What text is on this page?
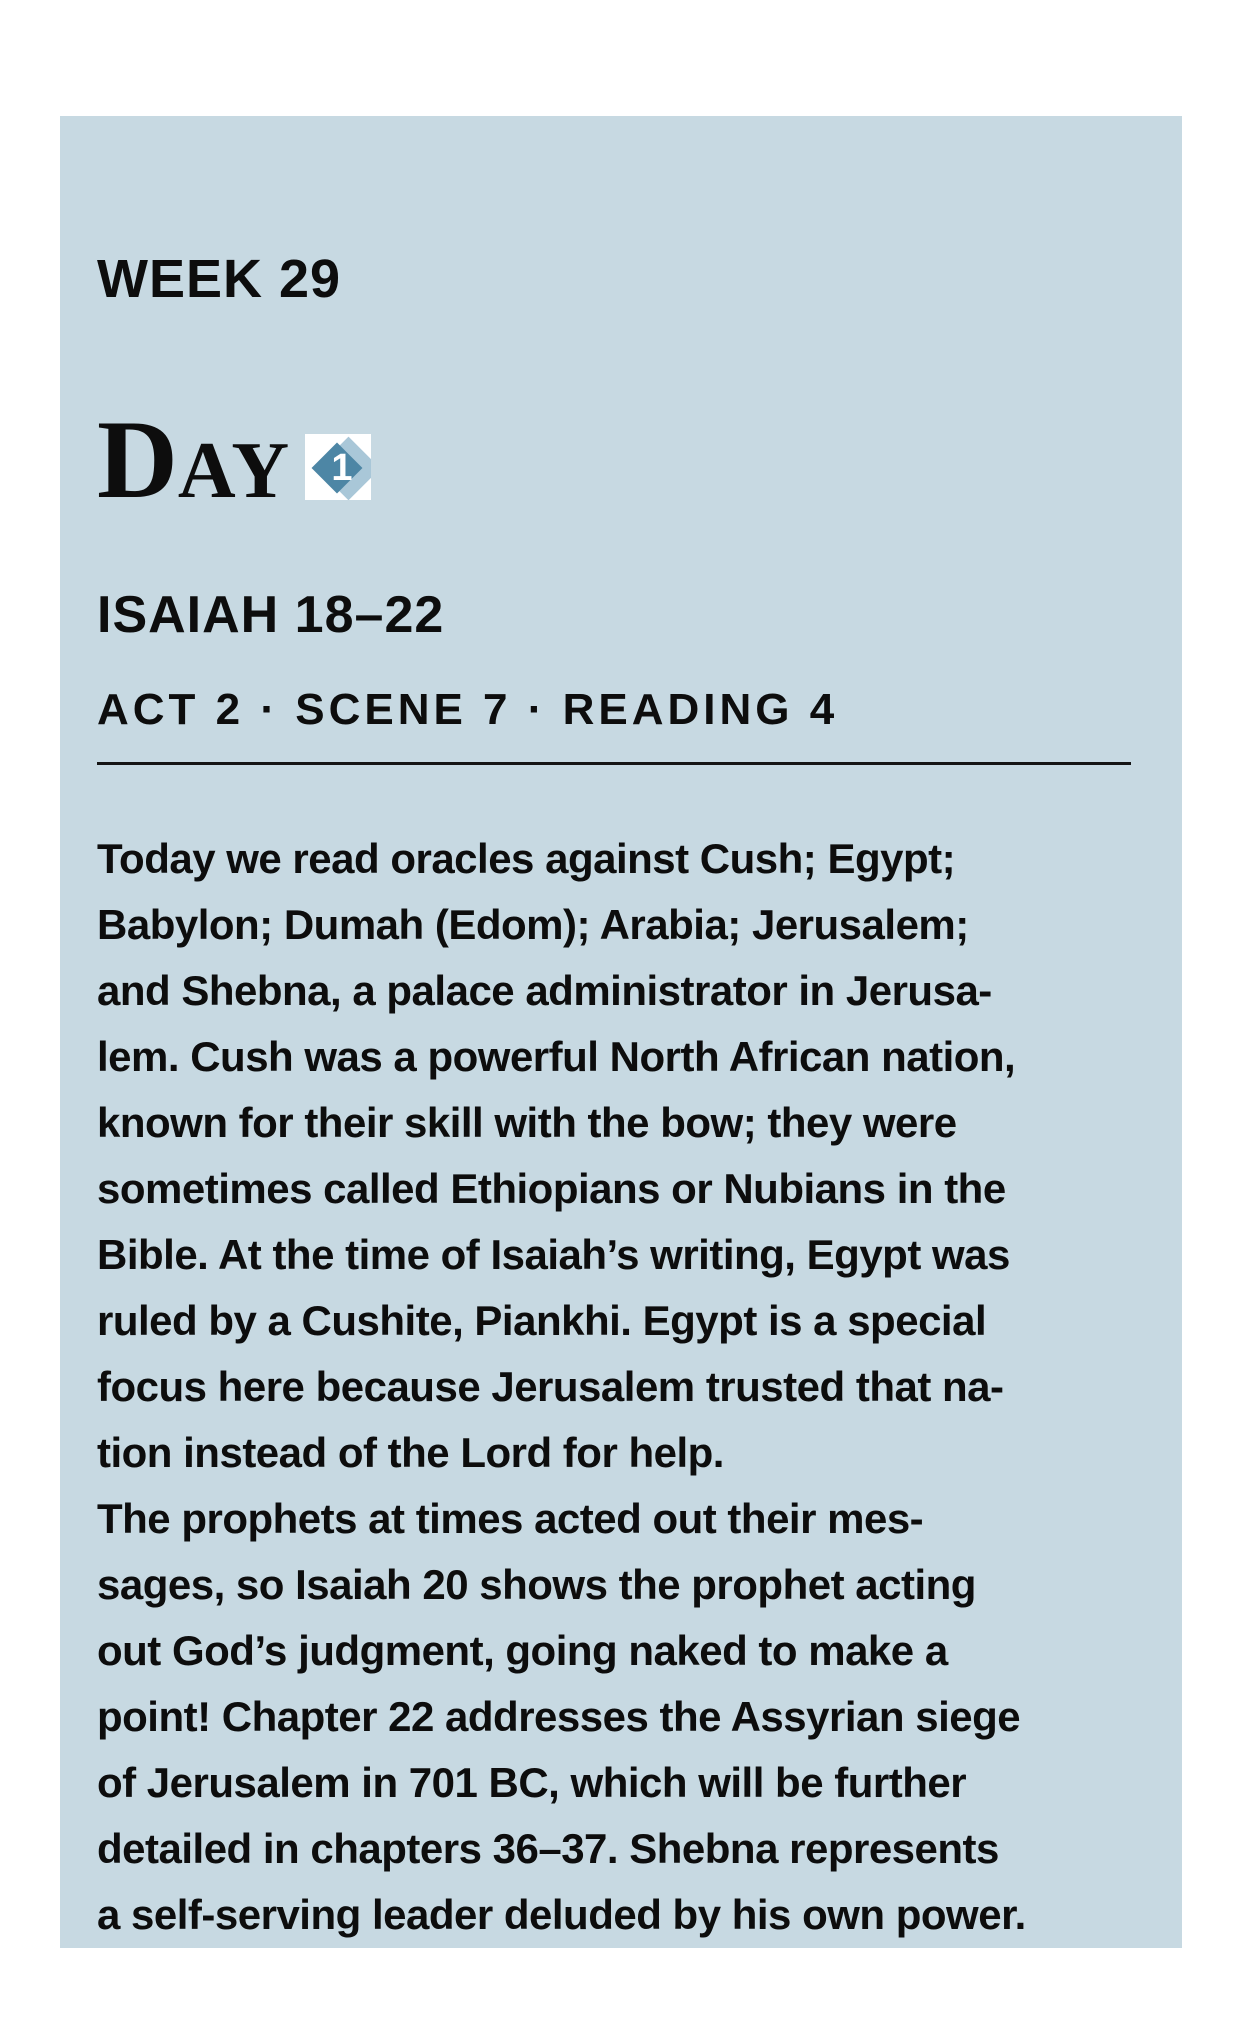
WEEK 29
DAY	1
ISAIAH 18–22
ACT 2 · SCENE 7 · READING 4
Today we read oracles against Cush; Egypt;
Babylon; Dumah (Edom); Arabia; Jerusalem;
and Shebna, a palace administrator in Jerusa-
lem. Cush was a powerful North African nation,
known for their skill with the bow; they were
sometimes called Ethiopians or Nubians in the
Bible. At the time of Isaiah’s writing, Egypt was
ruled by a Cushite, Piankhi. Egypt is a special
focus here because Jerusalem trusted that na-
tion instead of the Lord for help.
The prophets at times acted out their mes-
sages, so Isaiah 20 shows the prophet acting
out God’s judgment, going naked to make a
point! Chapter 22 addresses the Assyrian siege
of Jerusalem in 701 BC, which will be further
detailed in chapters 36–37. Shebna represents
a self-serving leader deluded by his own power.
